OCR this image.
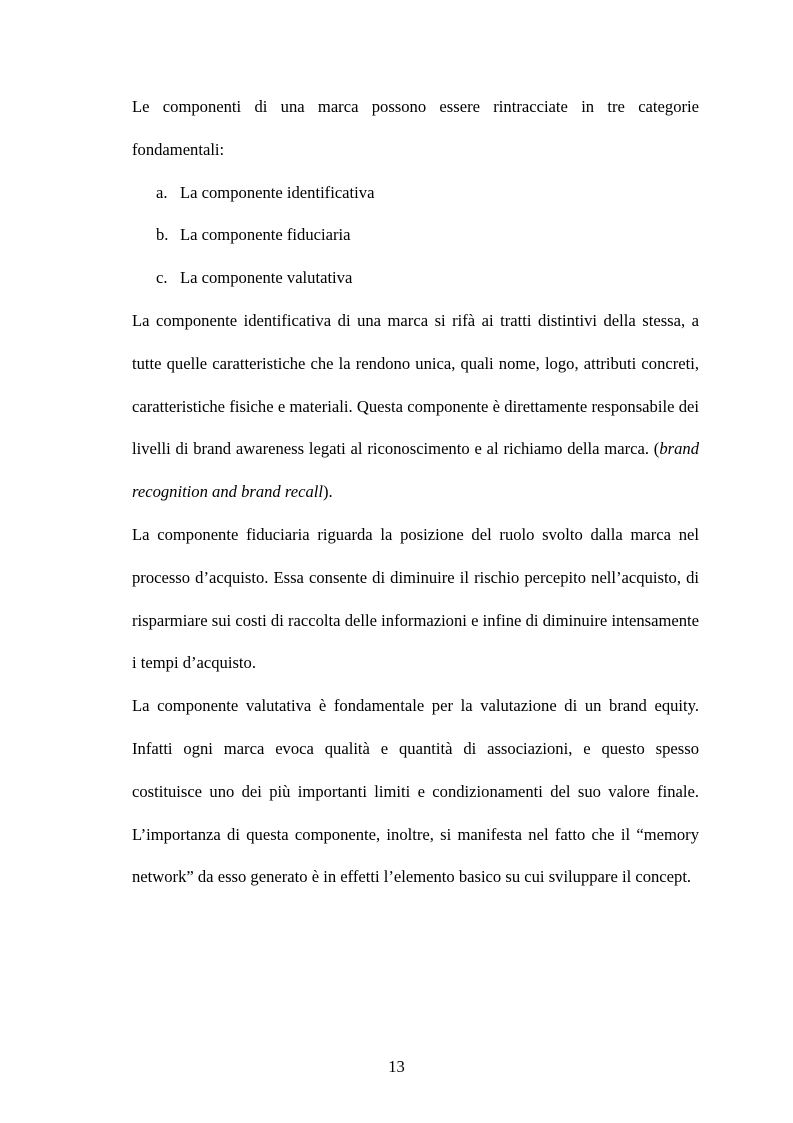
Le componenti di una marca possono essere rintracciate in tre categorie fondamentali:

a. La componente identificativa
b. La componente fiduciaria
c. La componente valutativa

La componente identificativa di una marca si rifà ai tratti distintivi della stessa, a tutte quelle caratteristiche che la rendono unica, quali nome, logo, attributi concreti, caratteristiche fisiche e materiali. Questa componente è direttamente responsabile dei livelli di brand awareness legati al riconoscimento e al richiamo della marca. (brand recognition and brand recall).

La componente fiduciaria riguarda la posizione del ruolo svolto dalla marca nel processo d’acquisto. Essa consente di diminuire il rischio percepito nell’acquisto, di risparmiare sui costi di raccolta delle informazioni e infine di diminuire intensamente i tempi d’acquisto.

La componente valutativa è fondamentale per la valutazione di un brand equity. Infatti ogni marca evoca qualità e quantità di associazioni, e questo spesso costituisce uno dei più importanti limiti e condizionamenti del suo valore finale. L’importanza di questa componente, inoltre, si manifesta nel fatto che il “memory network” da esso generato è in effetti l’elemento basico su cui sviluppare il concept.

13
